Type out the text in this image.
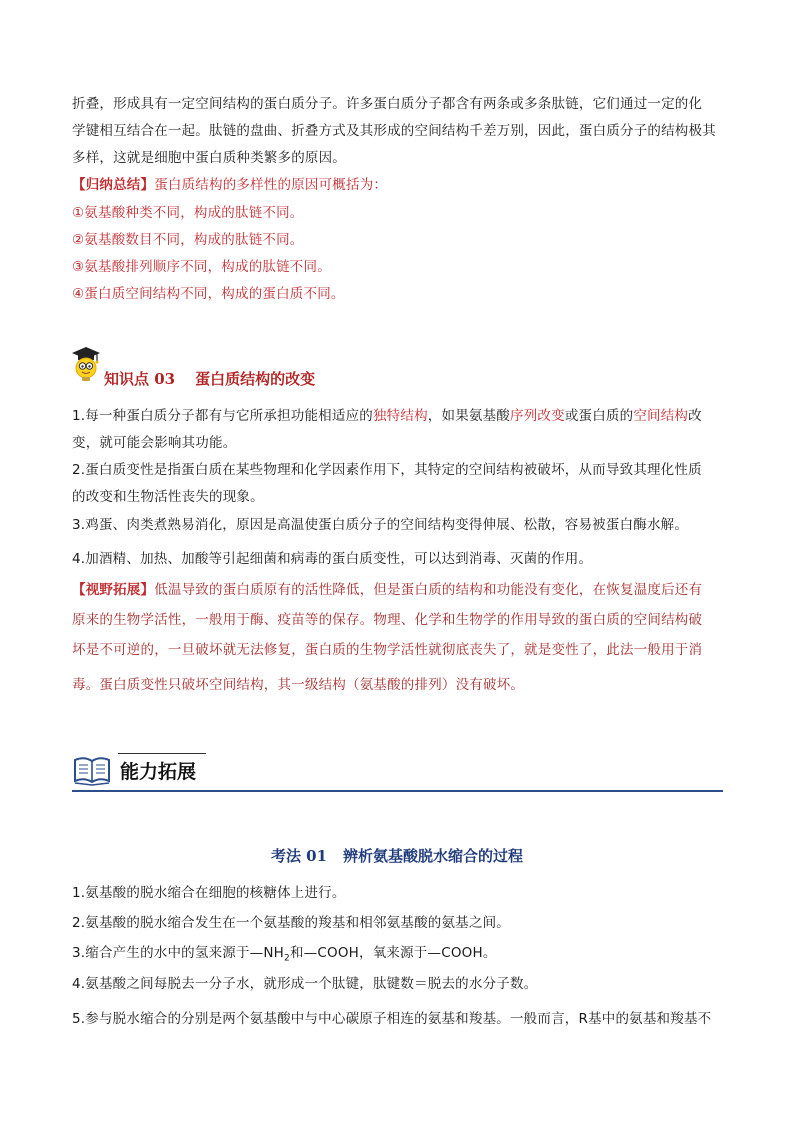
折叠，形成具有一定空间结构的蛋白质分子。许多蛋白质分子都含有两条或多条肽链，它们通过一定的化
学键相互结合在一起。肽链的盘曲、折叠方式及其形成的空间结构千差万别，因此，蛋白质分子的结构极其
多样，这就是细胞中蛋白质种类繁多的原因。
【归纳总结】蛋白质结构的多样性的原因可概括为：
①氨基酸种类不同，构成的肽链不同。
②氨基酸数目不同，构成的肽链不同。
③氨基酸排列顺序不同，构成的肽链不同。
④蛋白质空间结构不同，构成的蛋白质不同。
知识点 03 蛋白质结构的改变
1.每一种蛋白质分子都有与它所承担功能相适应的独特结构，如果氨基酸序列改变或蛋白质的空间结构改
变，就可能会影响其功能。
2.蛋白质变性是指蛋白质在某些物理和化学因素作用下，其特定的空间结构被破坏，从而导致其理化性质
的改变和生物活性丧失的现象。
3.鸡蛋、肉类煮熟易消化，原因是高温使蛋白质分子的空间结构变得伸展、松散，容易被蛋白酶水解。
4.加酒精、加热、加酸等引起细菌和病毒的蛋白质变性，可以达到消毒、灭菌的作用。
【视野拓展】低温导致的蛋白质原有的活性降低，但是蛋白质的结构和功能没有变化，在恢复温度后还有
原来的生物学活性，一般用于酶、疫苗等的保存。物理、化学和生物学的作用导致的蛋白质的空间结构破
坏是不可逆的，一旦破坏就无法修复，蛋白质的生物学活性就彻底丧失了，就是变性了，此法一般用于消
毒。蛋白质变性只破坏空间结构，其一级结构（氨基酸的排列）没有破坏。
能力拓展
考法 01 辨析氨基酸脱水缩合的过程
1.氨基酸的脱水缩合在细胞的核糖体上进行。
2.氨基酸的脱水缩合发生在一个氨基酸的羧基和相邻氨基酸的氨基之间。
3.缩合产生的水中的氢来源于$—NH_2$和—COOH，氧来源于—COOH。
4.氨基酸之间每脱去一分子水，就形成一个肽键，肽键数＝脱去的水分子数。
5.参与脱水缩合的分别是两个氨基酸中与中心碳原子相连的氨基和羧基。一般而言，R基中的氨基和羧基不
